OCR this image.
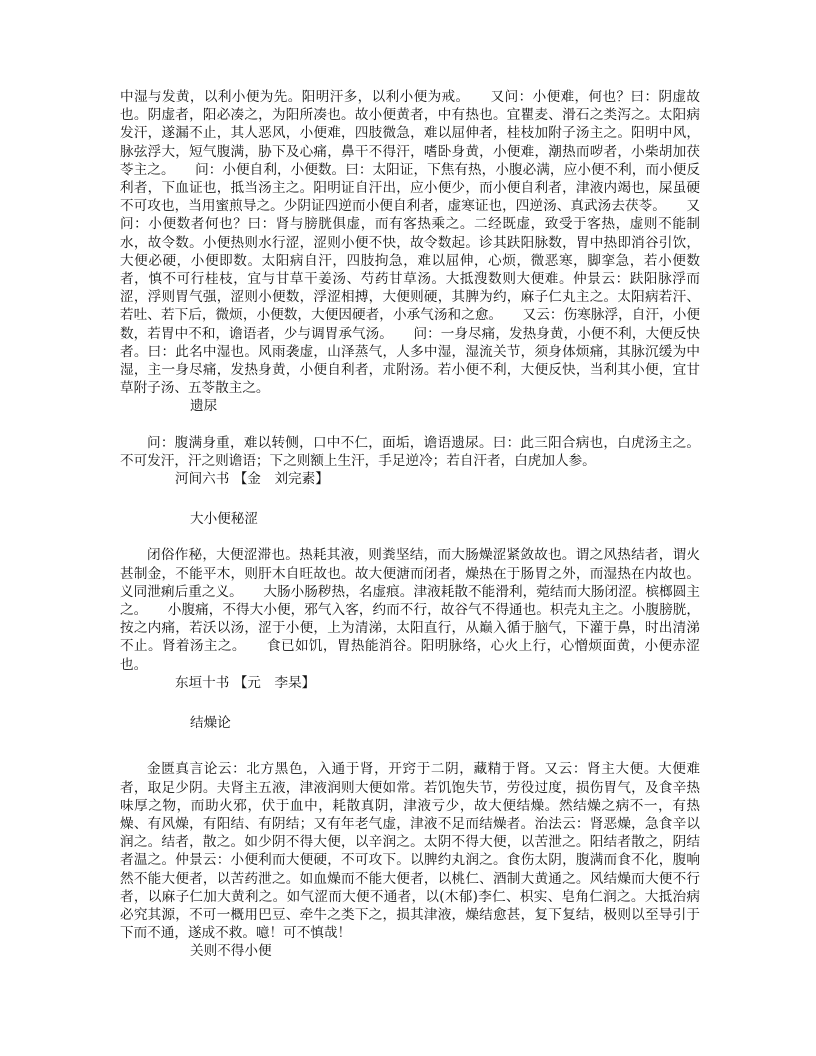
中湿与发黄，以利小便为先。阳明汗多，以利小便为戒。　　又问：小便难，何也？曰：阴虚故也。阴虚者，阳必凑之，为阳所凑也。故小便黄者，中有热也。宜瞿麦、滑石之类泻之。太阳病发汗，遂漏不止，其人恶风，小便难，四肢微急，难以屈伸者，桂枝加附子汤主之。阳明中风，脉弦浮大，短气腹满，胁下及心痛，鼻干不得汗，嗜卧身黄，小便难，潮热而哕者，小柴胡加茯苓主之。　　问：小便自利，小便数。曰：太阳证，下焦有热，小腹必满，应小便不利，而小便反利者，下血证也，抵当汤主之。阳明证自汗出，应小便少，而小便自利者，津液内竭也，屎虽硬不可攻也，当用蜜煎导之。少阴证四逆而小便自利者，虚寒证也，四逆汤、真武汤去茯苓。　　又问：小便数者何也？曰：肾与膀胱俱虚，而有客热乘之。二经既虚，致受于客热，虚则不能制水，故令数。小便热则水行涩，涩则小便不快，故令数起。诊其趺阳脉数，胃中热即消谷引饮，大便必硬，小便即数。太阳病自汗，四肢拘急，难以屈伸，心烦，微恶寒，脚挛急，若小便数者，慎不可行桂枝，宜与甘草干姜汤、芍药甘草汤。大抵溲数则大便难。仲景云：趺阳脉浮而涩，浮则胃气强，涩则小便数，浮涩相搏，大便则硬，其脾为约，麻子仁丸主之。太阳病若汗、若吐、若下后，微烦，小便数，大便因硬者，小承气汤和之愈。　　又云：伤寒脉浮，自汗，小便数，若胃中不和，谵语者，少与调胃承气汤。　　问：一身尽痛，发热身黄，小便不利，大便反快者。曰：此名中湿也。风雨袭虚，山泽蒸气，人多中湿，湿流关节，须身体烦痛，其脉沉缓为中湿，主一身尽痛，发热身黄，小便自利者，朮附汤。若小便不利，大便反快，当利其小便，宜甘草附子汤、五苓散主之。

遗尿

问：腹满身重，难以转侧，口中不仁，面垢，谵语遗尿。曰：此三阳合病也，白虎汤主之。不可发汗，汗之则谵语；下之则额上生汗，手足逆冷；若自汗者，白虎加人参。

河间六书 【金　刘完素】

大小便秘涩

闭俗作秘，大便涩滞也。热耗其液，则粪坚结，而大肠燥涩紧敛故也。谓之风热结者，谓火甚制金，不能平木，则肝木自旺故也。故大便溏而闭者，燥热在于肠胃之外，而湿热在内故也。义同泄痢后重之义。　　大肠小肠秽热，名虚痕。津液耗散不能滑利，菀结而大肠闭涩。槟榔圆主之。　　小腹痛，不得大小便，邪气入客，约而不行，故谷气不得通也。枳壳丸主之。小腹膀胱，按之内痛，若沃以汤，涩于小便，上为清涕，太阳直行，从巅入循于脑气，下灌于鼻，时出清涕不止。肾着汤主之。　　食已如饥，胃热能消谷。阳明脉络，心火上行，心憎烦面黄，小便赤涩也。

东垣十书 【元　李杲】

结燥论

金匮真言论云：北方黑色，入通于肾，开窍于二阴，藏精于肾。又云：肾主大便。大便难者，取足少阴。夫肾主五液，津液润则大便如常。若饥饱失节，劳役过度，损伤胃气，及食辛热味厚之物，而助火邪，伏于血中，耗散真阴，津液亏少，故大便结燥。然结燥之病不一，有热燥、有风燥，有阳结、有阴结；又有年老气虚，津液不足而结燥者。治法云：肾恶燥，急食辛以润之。结者，散之。如少阴不得大便，以辛润之。太阴不得大便，以苦泄之。阳结者散之，阴结者温之。仲景云：小便利而大便硬，不可攻下。以脾约丸润之。食伤太阴，腹满而食不化，腹响然不能大便者，以苦药泄之。如血燥而不能大便者，以桃仁、酒制大黄通之。风结燥而大便不行者，以麻子仁加大黄利之。如气涩而大便不通者，以(木郁)李仁、枳实、皂角仁润之。大抵治病必究其源，不可一概用巴豆、牵牛之类下之，损其津液，燥结愈甚，复下复结，极则以至导引于下而不通，遂成不救。噫！可不慎哉！

关则不得小便
